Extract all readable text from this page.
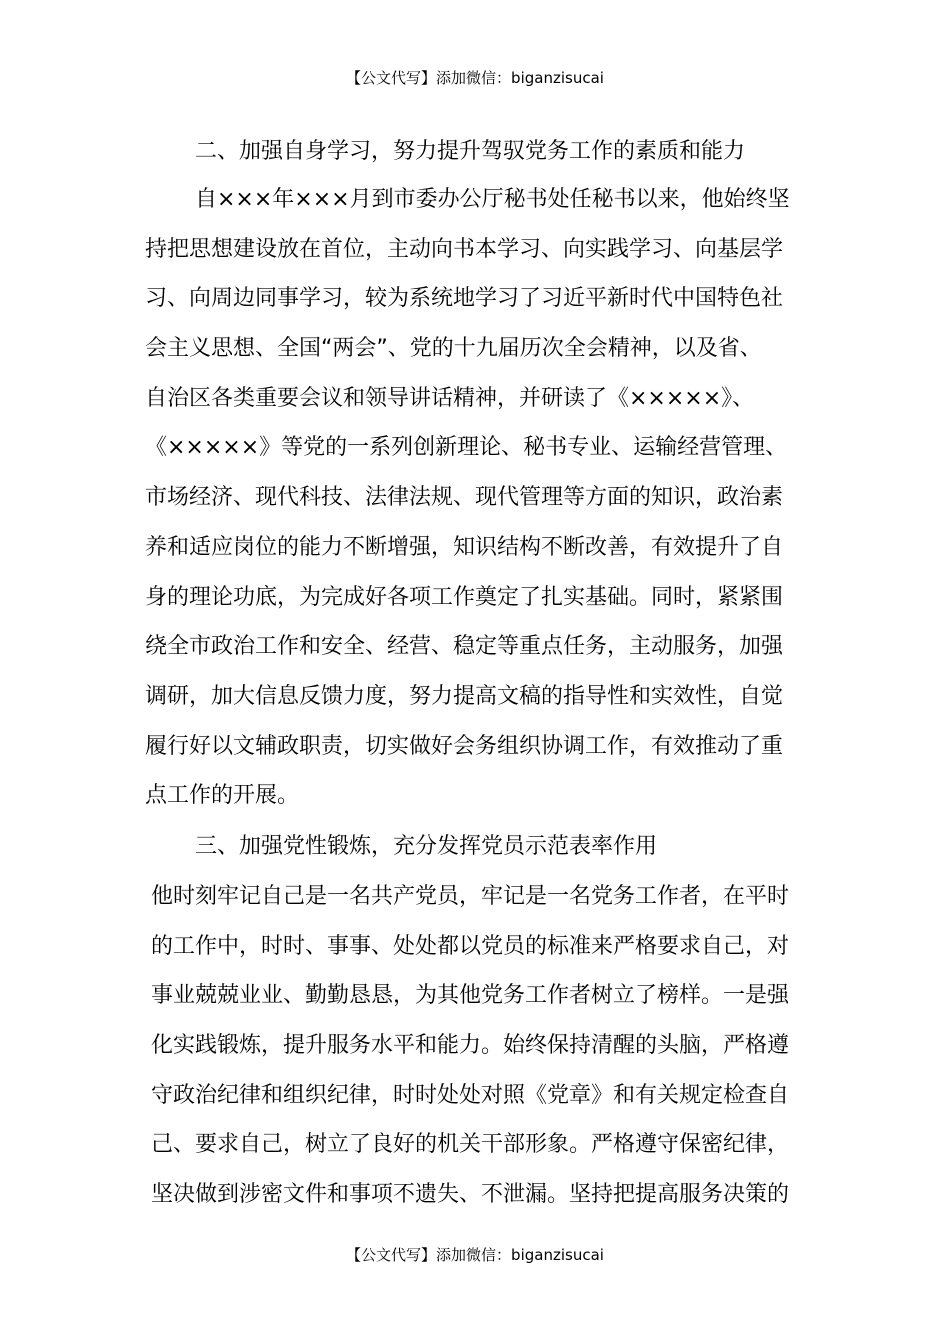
【公文代写】添加微信：biganzisucai
二、加强自身学习，努力提升驾驭党务工作的素质和能力
自×××年×××月到市委办公厅秘书处任秘书以来，他始终坚
持把思想建设放在首位，主动向书本学习、向实践学习、向基层学
习、向周边同事学习，较为系统地学习了习近平新时代中国特色社
会主义思想、全国“两会”、党的十九届历次全会精神，以及省、
自治区各类重要会议和领导讲话精神，并研读了《×××××》、
《×××××》等党的一系列创新理论、秘书专业、运输经营管理、
市场经济、现代科技、法律法规、现代管理等方面的知识，政治素
养和适应岗位的能力不断增强，知识结构不断改善，有效提升了自
身的理论功底，为完成好各项工作奠定了扎实基础。同时，紧紧围
绕全市政治工作和安全、经营、稳定等重点任务，主动服务，加强
调研，加大信息反馈力度，努力提高文稿的指导性和实效性，自觉
履行好以文辅政职责，切实做好会务组织协调工作，有效推动了重
点工作的开展。
三、加强党性锻炼，充分发挥党员示范表率作用
他时刻牢记自己是一名共产党员，牢记是一名党务工作者，在平时
的工作中，时时、事事、处处都以党员的标准来严格要求自己，对
事业兢兢业业、勤勤恳恳，为其他党务工作者树立了榜样。一是强
化实践锻炼，提升服务水平和能力。始终保持清醒的头脑，严格遵
守政治纪律和组织纪律，时时处处对照《党章》和有关规定检查自
己、要求自己，树立了良好的机关干部形象。严格遵守保密纪律，
坚决做到涉密文件和事项不遗失、不泄漏。坚持把提高服务决策的
【公文代写】添加微信：biganzisucai
